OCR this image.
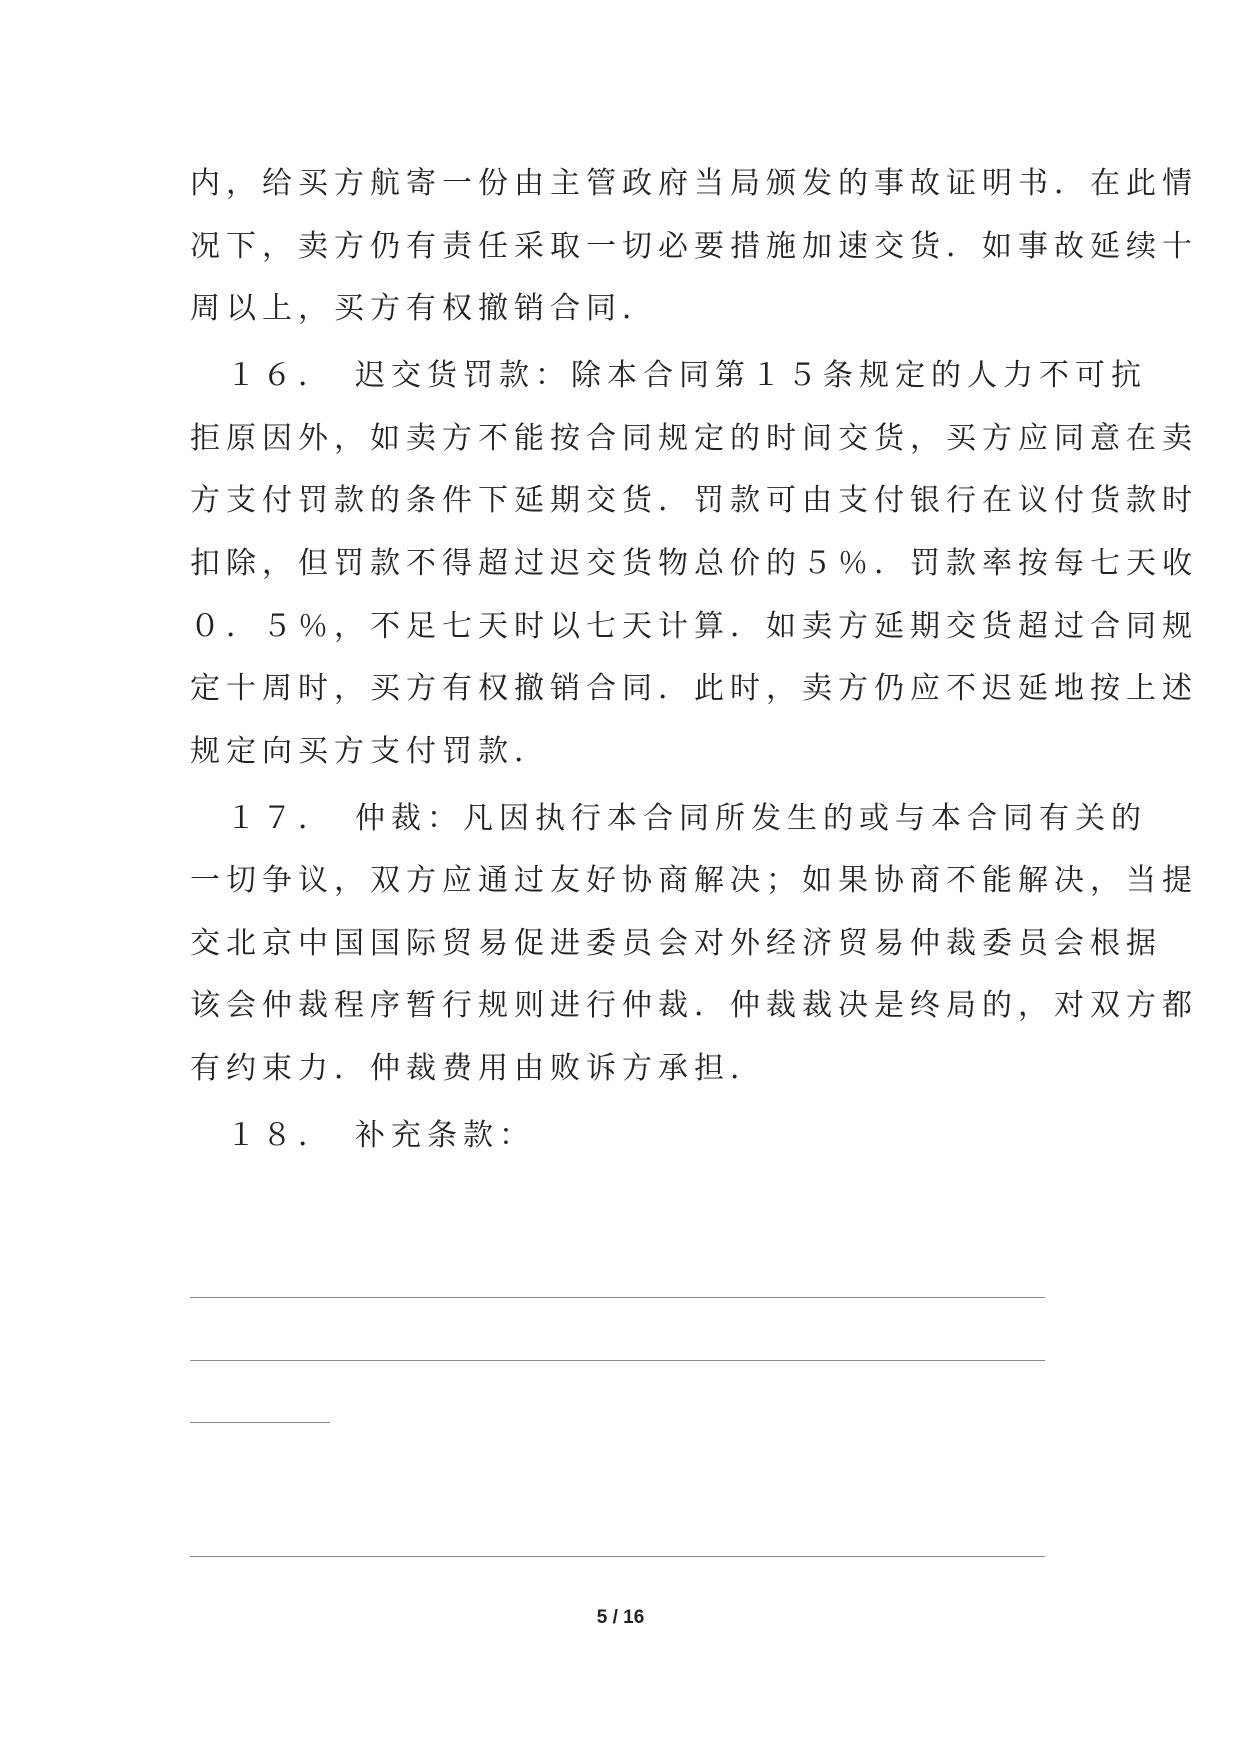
内，给买方航寄一份由主管政府当局颁发的事故证明书．在此情
况下，卖方仍有责任采取一切必要措施加速交货．如事故延续十
周以上，买方有权撤销合同．
　１６．　迟交货罚款：除本合同第１５条规定的人力不可抗
拒原因外，如卖方不能按合同规定的时间交货，买方应同意在卖
方支付罚款的条件下延期交货．罚款可由支付银行在议付货款时
扣除，但罚款不得超过迟交货物总价的５％．罚款率按每七天收
０．５％，不足七天时以七天计算．如卖方延期交货超过合同规
定十周时，买方有权撤销合同．此时，卖方仍应不迟延地按上述
规定向买方支付罚款．
　１７．　仲裁：凡因执行本合同所发生的或与本合同有关的
一切争议，双方应通过友好协商解决；如果协商不能解决，当提
交北京中国国际贸易促进委员会对外经济贸易仲裁委员会根据
该会仲裁程序暂行规则进行仲裁．仲裁裁决是终局的，对双方都
有约束力．仲裁费用由败诉方承担．
　１８．　补充条款：
5 / 16
